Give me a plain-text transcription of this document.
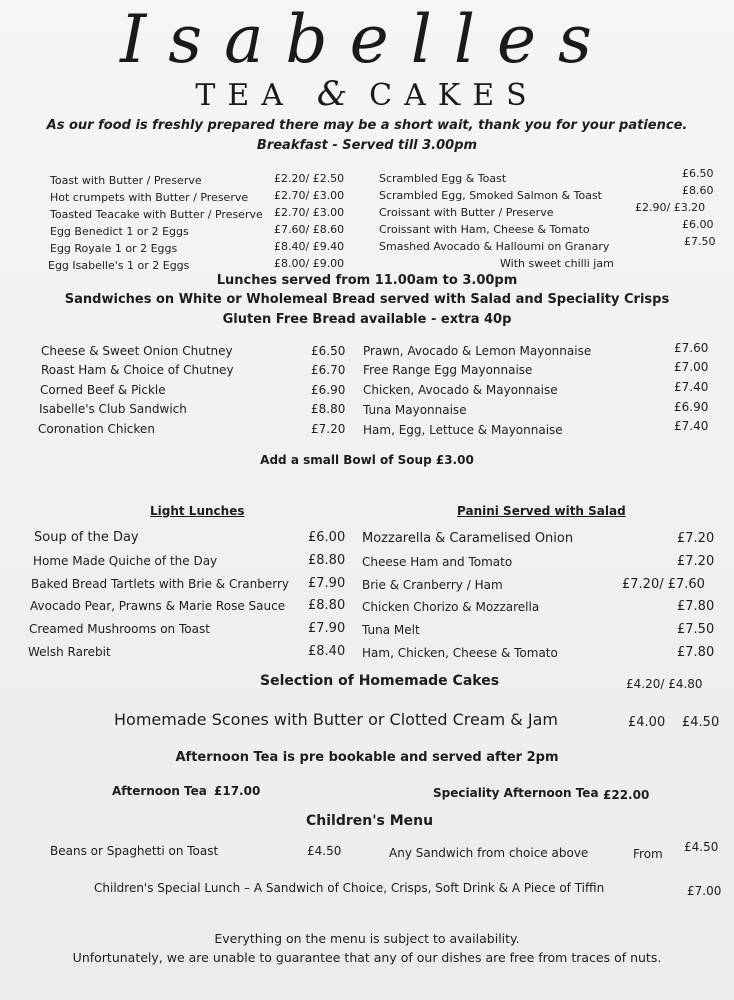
Isabelles
TEA & CAKES
As our food is freshly prepared there may be a short wait, thank you for your patience.
Breakfast - Served till 3.00pm
Toast with Butter / Preserve	£2.20/ £2.50
Hot crumpets with Butter / Preserve £2.70/ £3.00
Toasted Teacake with Butter / Preserve £2.70/ £3.00
Egg Benedict 1 or 2 Eggs	£7.60/ £8.60
Egg Royale 1 or 2 Eggs	£8.40/ £9.40
Egg Isabelle's 1 or 2 Eggs	£8.00/ £9.00
Scrambled Egg & Toast	£6.50
Scrambled Egg, Smoked Salmon & Toast	£8.60
Croissant with Butter / Preserve	£2.90/ £3.20
Croissant with Ham, Cheese & Tomato	£6.00
Smashed Avocado & Halloumi on Granary	£7.50
With sweet chilli jam
Lunches served from 11.00am to 3.00pm
Sandwiches on White or Wholemeal Bread served with Salad and Speciality Crisps
Gluten Free Bread available - extra 40p
Cheese & Sweet Onion Chutney	£6.50
Roast Ham & Choice of Chutney	£6.70
Corned Beef & Pickle	£6.90
Isabelle's Club Sandwich	£8.80
Coronation Chicken	£7.20
Prawn, Avocado & Lemon Mayonnaise	£7.60
Free Range Egg Mayonnaise	£7.00
Chicken, Avocado & Mayonnaise	£7.40
Tuna Mayonnaise	£6.90
Ham, Egg, Lettuce & Mayonnaise	£7.40
Add a small Bowl of Soup £3.00
Light Lunches	Panini Served with Salad
Soup of the Day	£6.00
Home Made Quiche of the Day	£8.80
Baked Bread Tartlets with Brie & Cranberry £7.90
Avocado Pear, Prawns & Marie Rose Sauce £8.80
Creamed Mushrooms on Toast	£7.90
Welsh Rarebit	£8.40
Mozzarella & Caramelised Onion	£7.20
Cheese Ham and Tomato	£7.20
Brie & Cranberry / Ham	£7.20/ £7.60
Chicken Chorizo & Mozzarella	£7.80
Tuna Melt	£7.50
Ham, Chicken, Cheese & Tomato	£7.80
Selection of Homemade Cakes	£4.20/ £4.80
Homemade Scones with Butter or Clotted Cream & Jam	£4.00 £4.50
Afternoon Tea is pre bookable and served after 2pm
Afternoon Tea £17.00	Speciality Afternoon Tea £22.00
Children's Menu
Beans or Spaghetti on Toast	£4.50	Any Sandwich from choice above	From £4.50
Children's Special Lunch – A Sandwich of Choice, Crisps, Soft Drink & A Piece of Tiffin	£7.00
Everything on the menu is subject to availability.
Unfortunately, we are unable to guarantee that any of our dishes are free from traces of nuts.
